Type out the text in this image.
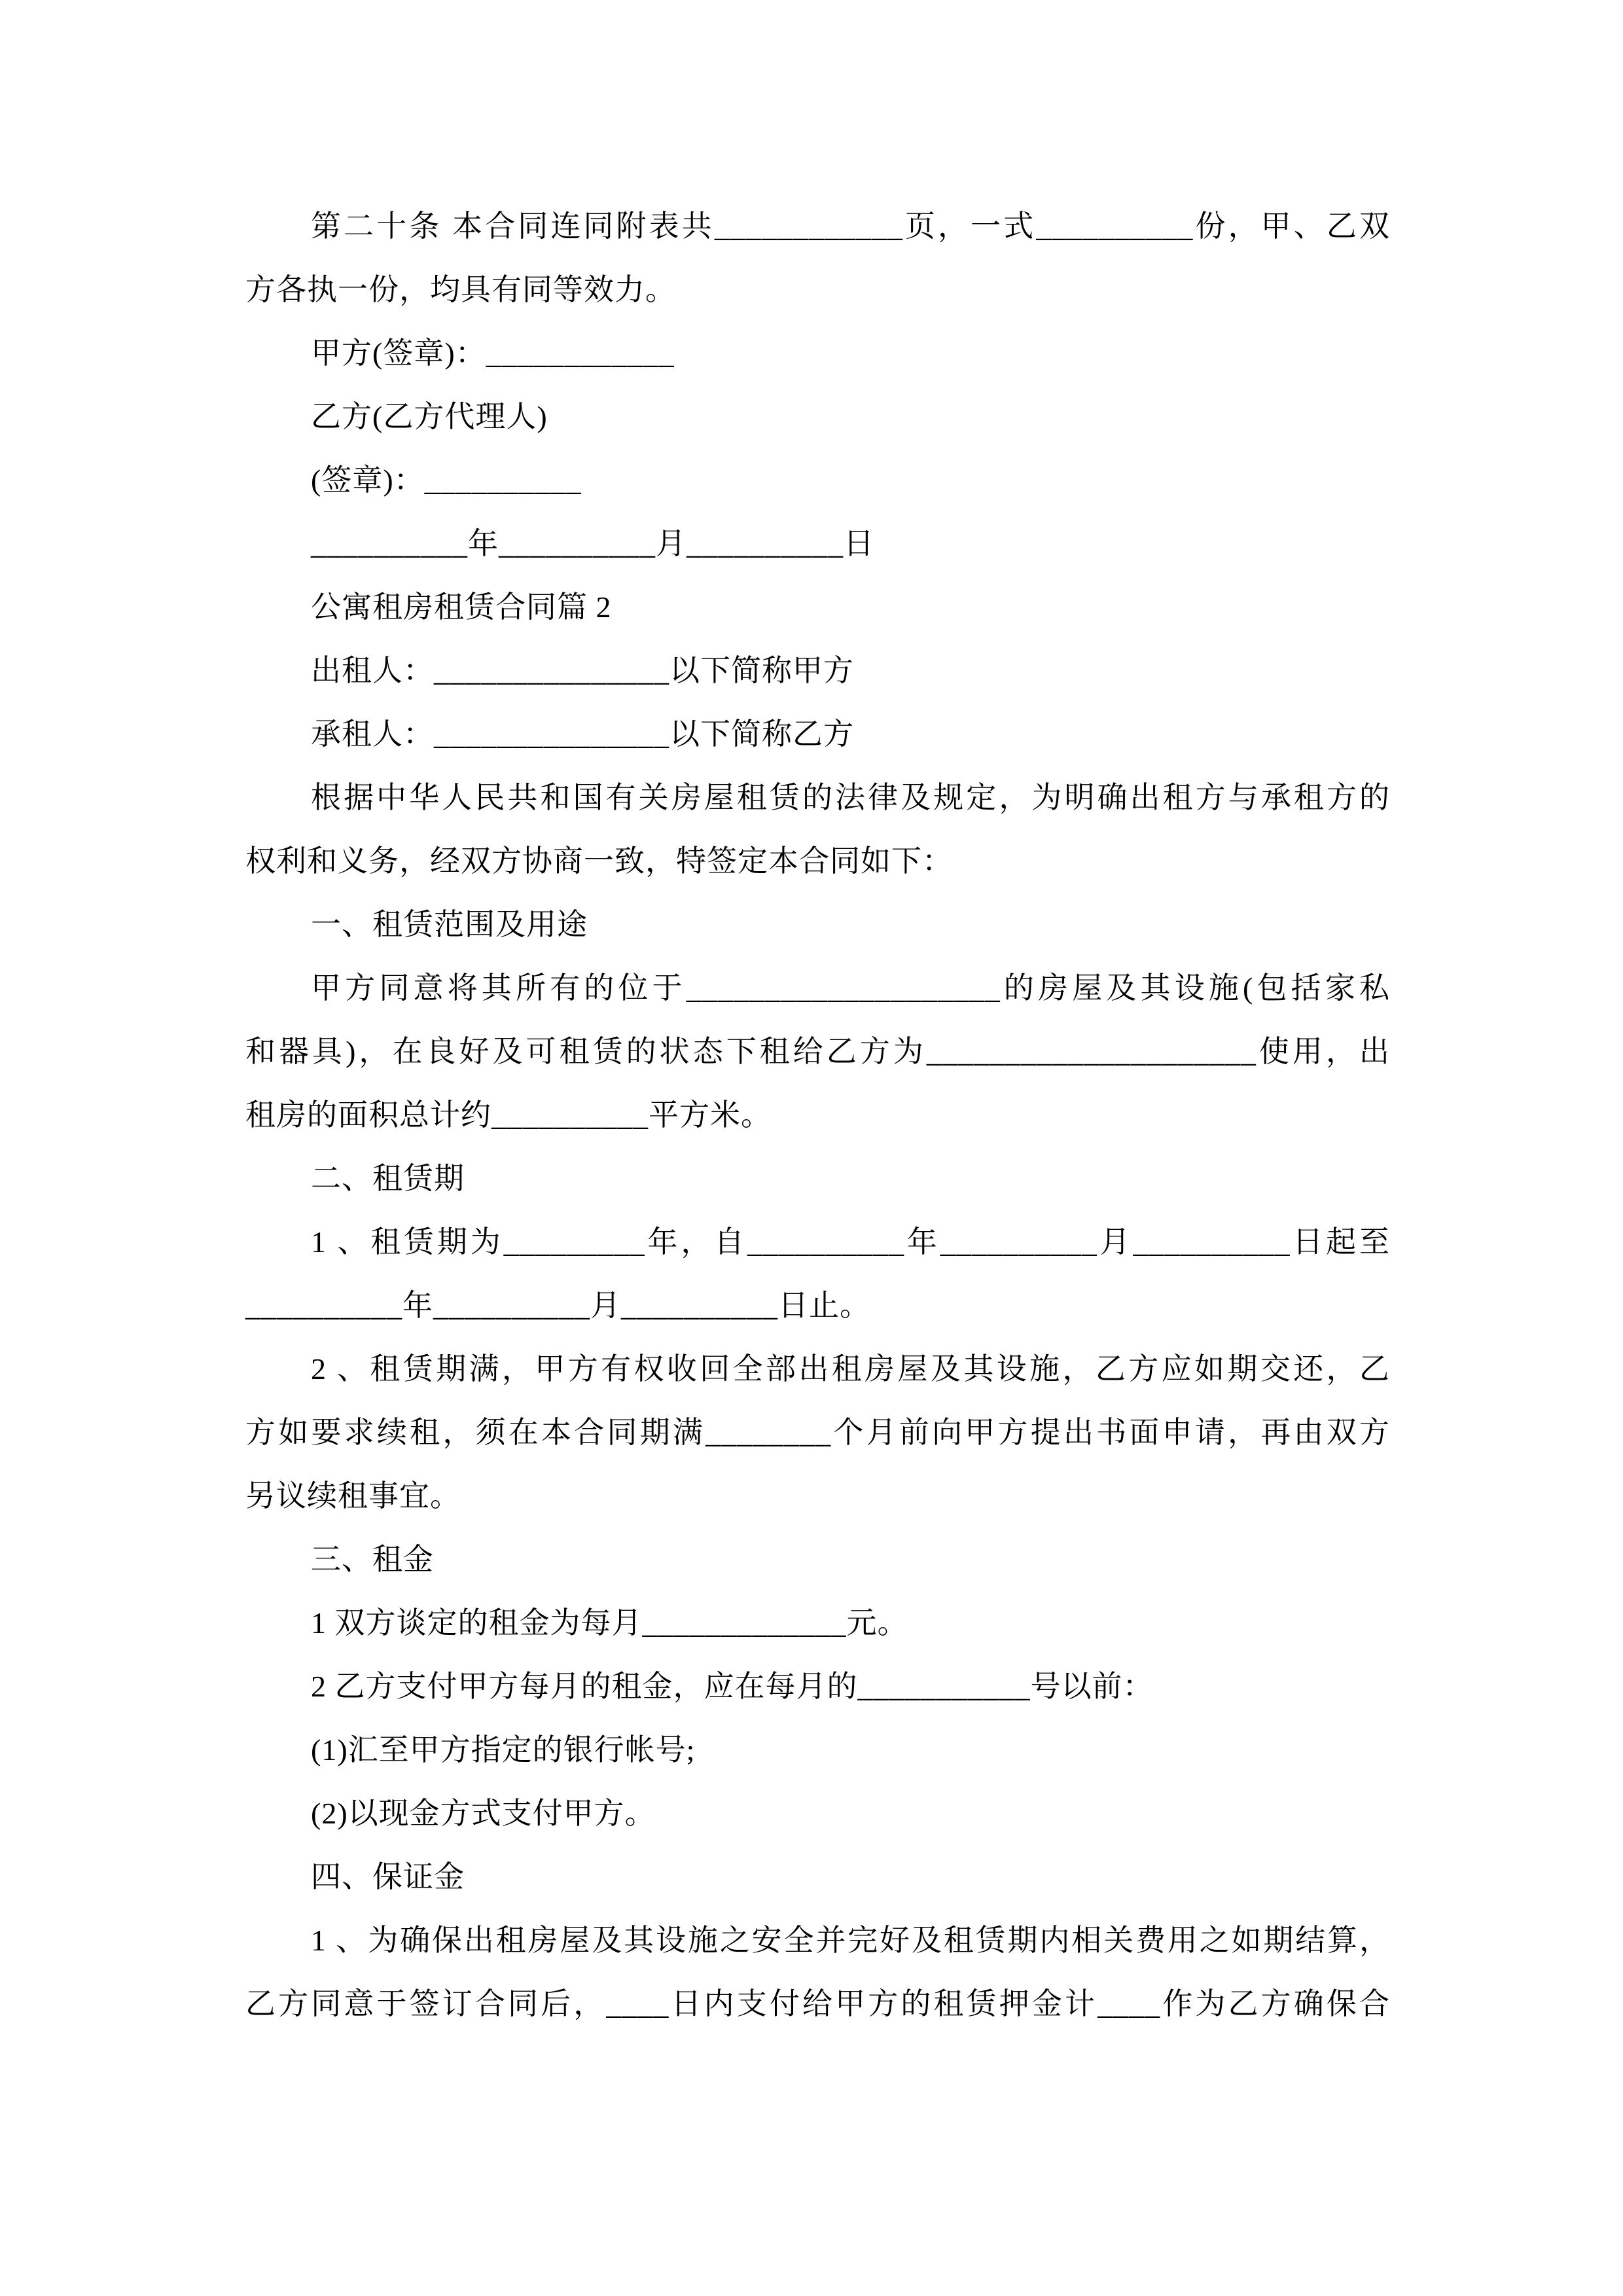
第二十条 本合同连同附表共____________页，一式__________份，甲、乙双
方各执一份，均具有同等效力。
甲方(签章)：____________
乙方(乙方代理人)
(签章)：__________
__________年__________月__________日
公寓租房租赁合同篇 2
出租人：_______________以下简称甲方
承租人：_______________以下简称乙方
根据中华人民共和国有关房屋租赁的法律及规定，为明确出租方与承租方的
权利和义务，经双方协商一致，特签定本合同如下：
一、租赁范围及用途
甲方同意将其所有的位于____________________的房屋及其设施(包括家私
和器具)，在良好及可租赁的状态下租给乙方为_____________________使用，出
租房的面积总计约__________平方米。
二、租赁期
1 、租赁期为_________年，自__________年__________月__________日起至
__________年__________月__________日止。
2 、租赁期满，甲方有权收回全部出租房屋及其设施，乙方应如期交还，乙
方如要求续租，须在本合同期满________个月前向甲方提出书面申请，再由双方
另议续租事宜。
三、租金
1 双方谈定的租金为每月_____________元。
2 乙方支付甲方每月的租金，应在每月的___________号以前：
(1)汇至甲方指定的银行帐号;
(2)以现金方式支付甲方。
四、保证金
1 、为确保出租房屋及其设施之安全并完好及租赁期内相关费用之如期结算，
乙方同意于签订合同后，____日内支付给甲方的租赁押金计____作为乙方确保合
